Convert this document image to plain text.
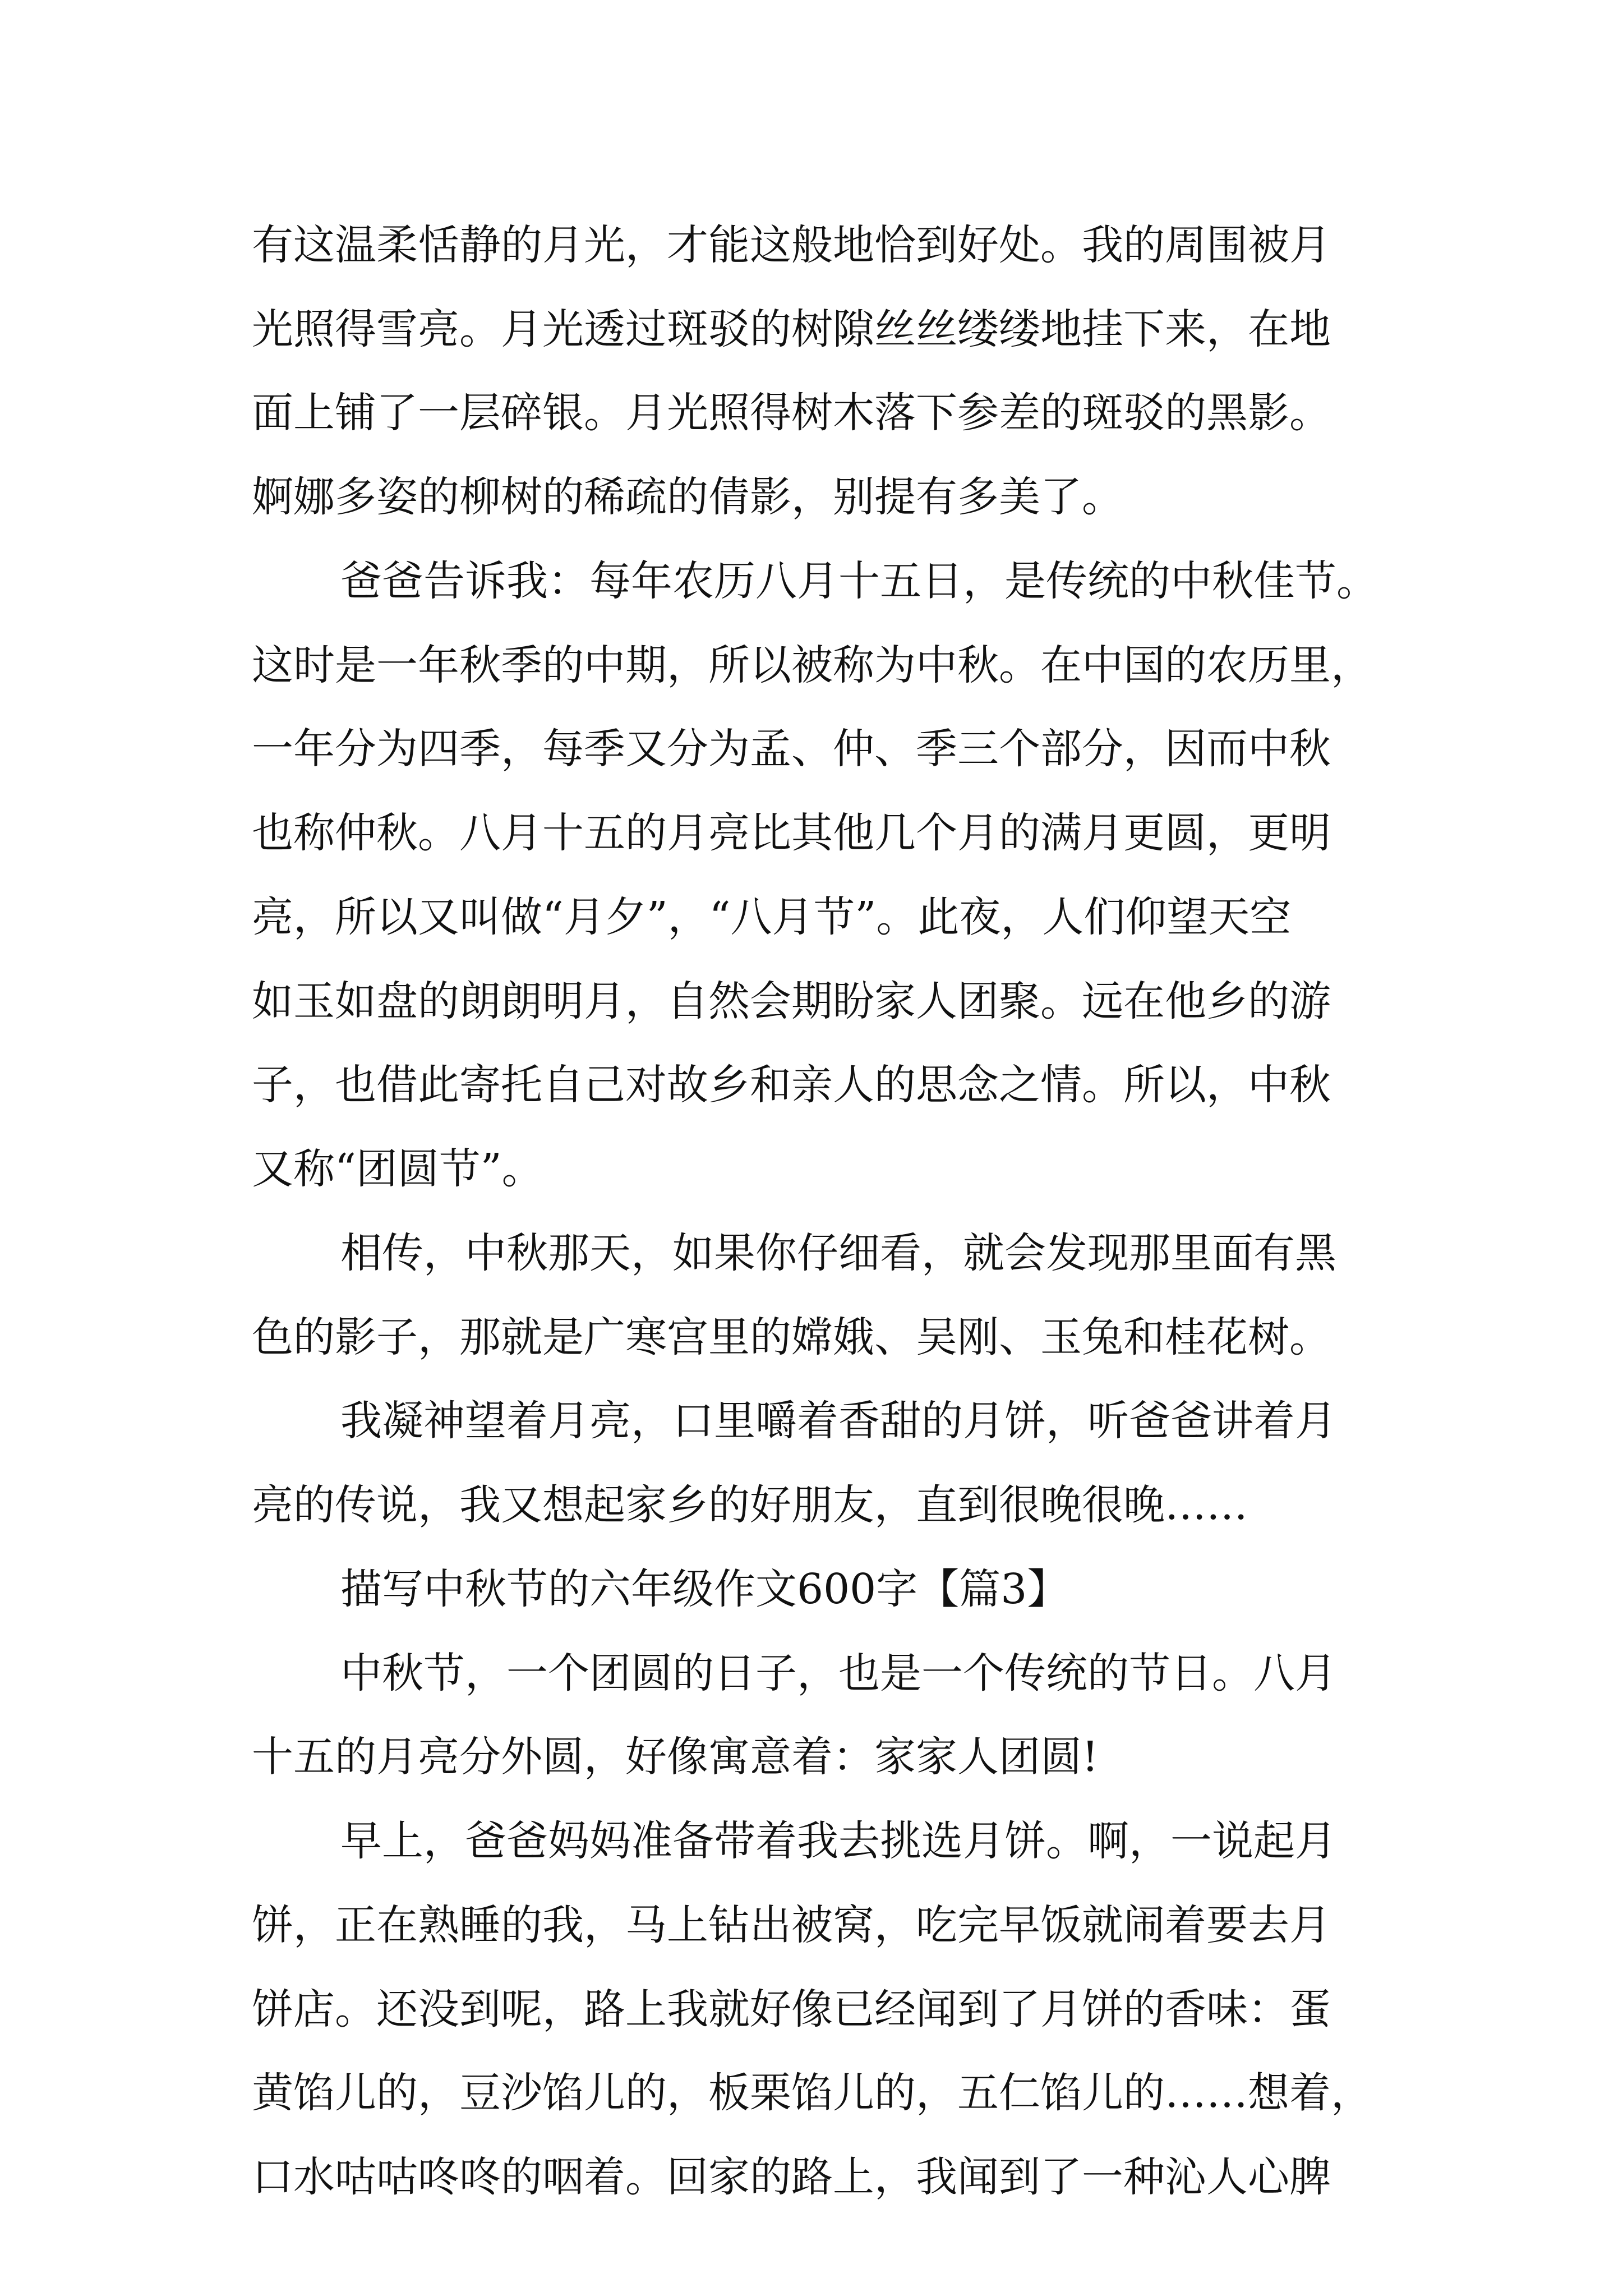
有这温柔恬静的月光，才能这般地恰到好处。我的周围被月
光照得雪亮。月光透过斑驳的树隙丝丝缕缕地挂下来，在地
面上铺了一层碎银。月光照得树木落下参差的斑驳的黑影。
婀娜多姿的柳树的稀疏的倩影，别提有多美了。
爸爸告诉我：每年农历八月十五日，是传统的中秋佳节。
这时是一年秋季的中期，所以被称为中秋。在中国的农历里，
一年分为四季，每季又分为孟、仲、季三个部分，因而中秋
也称仲秋。八月十五的月亮比其他几个月的满月更圆，更明
亮，所以又叫做“月夕”，“八月节”。此夜，人们仰望天空
如玉如盘的朗朗明月，自然会期盼家人团聚。远在他乡的游
子，也借此寄托自己对故乡和亲人的思念之情。所以，中秋
又称“团圆节”。
相传，中秋那天，如果你仔细看，就会发现那里面有黑
色的影子，那就是广寒宫里的嫦娥、吴刚、玉兔和桂花树。
我凝神望着月亮，口里嚼着香甜的月饼，听爸爸讲着月
亮的传说，我又想起家乡的好朋友，直到很晚很晚……
描写中秋节的六年级作文600字【篇3】
中秋节，一个团圆的日子，也是一个传统的节日。八月
十五的月亮分外圆，好像寓意着：家家人团圆!
早上，爸爸妈妈准备带着我去挑选月饼。啊，一说起月
饼，正在熟睡的我，马上钻出被窝，吃完早饭就闹着要去月
饼店。还没到呢，路上我就好像已经闻到了月饼的香味：蛋
黄馅儿的，豆沙馅儿的，板栗馅儿的，五仁馅儿的……想着，
口水咕咕咚咚的咽着。回家的路上，我闻到了一种沁人心脾
